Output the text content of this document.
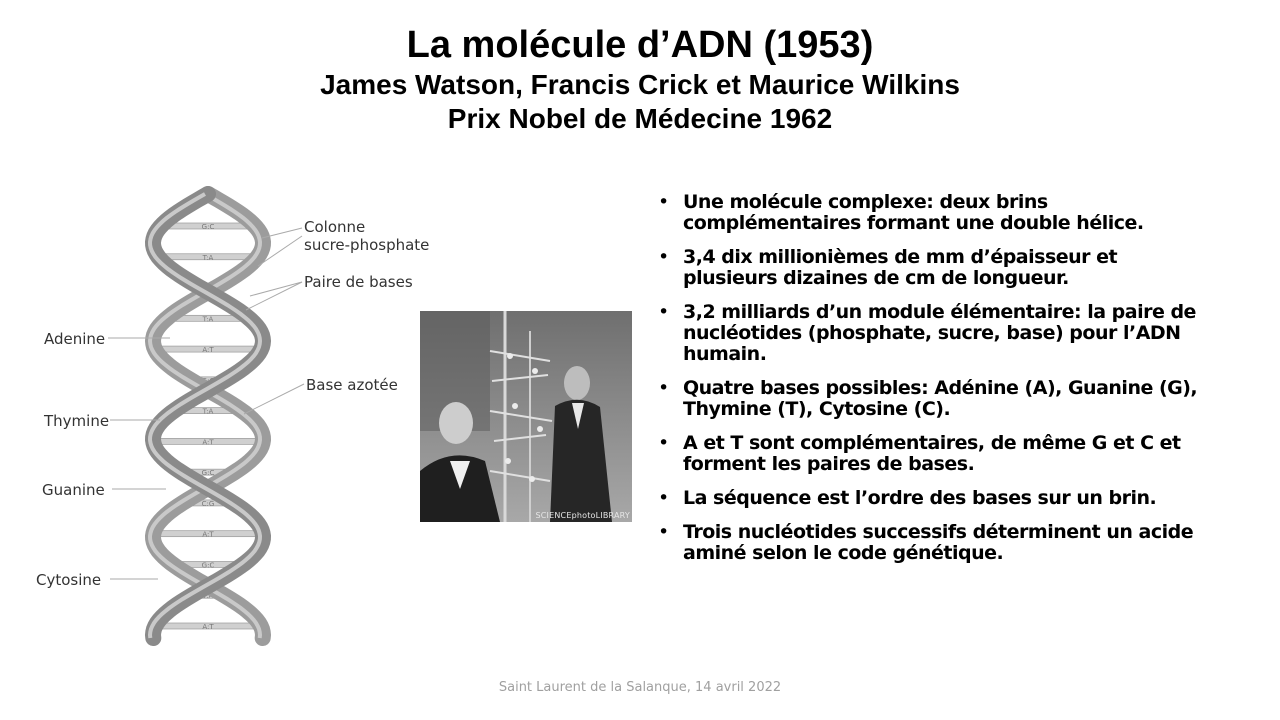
La molécule d’ADN (1953)
James Watson, Francis Crick et Maurice Wilkins
Prix Nobel de Médecine 1962
G:C
T:A
T:A
A:T
G:C
T:A
A:T
G:C
C:G
A:T
G:C
T:A
A:T
Colonne
sucre-phosphate
Paire de bases
Base azotée
Adenine
Thymine
Guanine
Cytosine
SCIENCEphotoLIBRARY
• Une molécule complexe: deux brins complémentaires formant une double hélice.
• 3,4 dix millionièmes de mm d’épaisseur et plusieurs dizaines de cm de longueur.
• 3,2 milliards d’un module élémentaire: la paire de nucléotides (phosphate, sucre, base) pour l’ADN humain.
• Quatre bases possibles: Adénine (A), Guanine (G), Thymine (T), Cytosine (C).
• A et T sont complémentaires, de même G et C et forment les paires de bases.
• La séquence est l’ordre des bases sur un brin.
• Trois nucléotides successifs déterminent un acide aminé selon le code génétique.
Saint Laurent de la Salanque, 14 avril 2022
